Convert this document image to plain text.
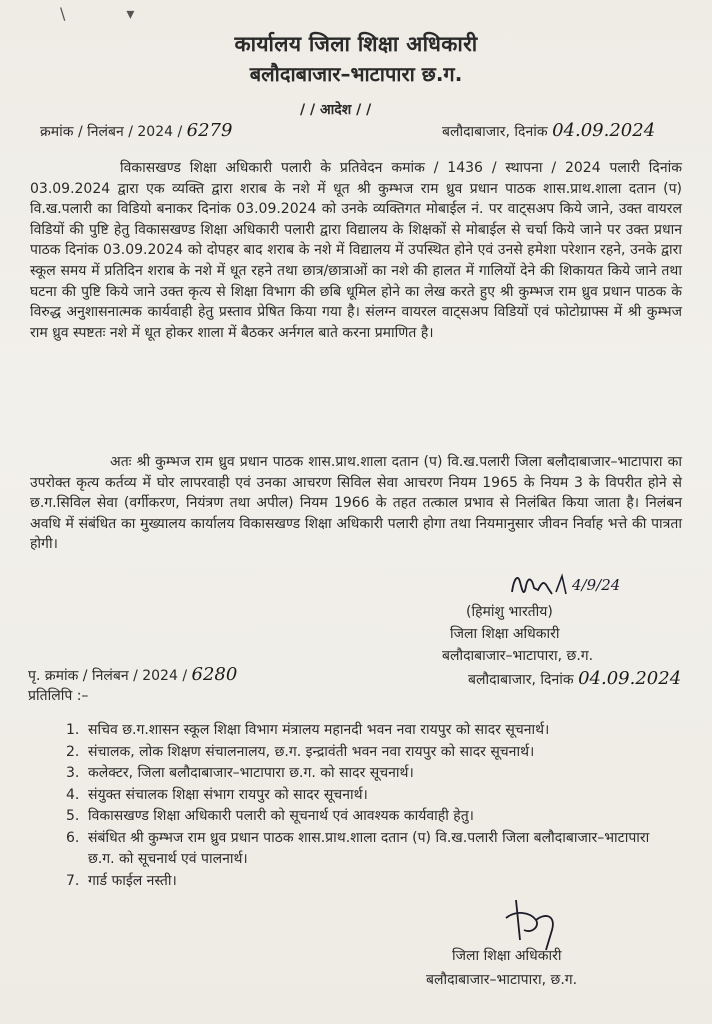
\            ▾
कार्यालय जिला शिक्षा अधिकारी
बलौदाबाजार–भाटापारा छ.ग.
/ / आदेश / /
क्रमांक / निलंबन / 2024 / 6279	बलौदाबाजार, दिनांक 04.09.2024

विकासखण्ड शिक्षा अधिकारी पलारी के प्रतिवेदन कमांक / 1436 / स्थापना / 2024 पलारी दिनांक 03.09.2024 द्वारा एक व्यक्ति द्वारा शराब के नशे में धूत श्री कुम्भज राम ध्रुव प्रधान पाठक शास.प्राथ.शाला दतान (प) वि.ख.पलारी का विडियो बनाकर दिनांक 03.09.2024 को उनके व्यक्तिगत मोबाईल नं. पर वाट्सअप किये जाने, उक्त वायरल विडियों की पुष्टि हेतु विकासखण्ड शिक्षा अधिकारी पलारी द्वारा विद्यालय के शिक्षकों से मोबाईल से चर्चा किये जाने पर उक्त प्रधान पाठक दिनांक 03.09.2024 को दोपहर बाद शराब के नशे में विद्यालय में उपस्थित होने एवं उनसे हमेशा परेशान रहने, उनके द्वारा स्कूल समय में प्रतिदिन शराब के नशे में धूत रहने तथा छात्र/छात्राओं का नशे की हालत में गालियों देने की शिकायत किये जाने तथा घटना की पुष्टि किये जाने उक्त कृत्य से शिक्षा विभाग की छबि धूमिल होने का लेख करते हुए श्री कुम्भज राम ध्रुव प्रधान पाठक के विरुद्ध अनुशासनात्मक कार्यवाही हेतु प्रस्ताव प्रेषित किया गया है। संलग्न वायरल वाट्सअप विडियों एवं फोटोग्राफ्स में श्री कुम्भज राम ध्रुव स्पष्टतः नशे में धूत होकर शाला में बैठकर अर्नगल बाते करना प्रमाणित है।

अतः श्री कुम्भज राम ध्रुव प्रधान पाठक शास.प्राथ.शाला दतान (प) वि.ख.पलारी जिला बलौदाबाजार–भाटापारा का उपरोक्त कृत्य कर्तव्य में घोर लापरवाही एवं उनका आचरण सिविल सेवा आचरण नियम 1965 के नियम 3 के विपरीत होने से छ.ग.सिविल सेवा (वर्गीकरण, नियंत्रण तथा अपील) नियम 1966 के तहत तत्काल प्रभाव से निलंबित किया जाता है। निलंबन अवधि में संबंधित का मुख्यालय कार्यालय विकासखण्ड शिक्षा अधिकारी पलारी होगा तथा नियमानुसार जीवन निर्वाह भत्ते की पात्रता होगी।

4/9/24
(हिमांशु भारतीय)
जिला शिक्षा अधिकारी
बलौदाबाजार–भाटापारा, छ.ग.
पृ. क्रमांक / निलंबन / 2024 / 6280	बलौदाबाजार, दिनांक 04.09.2024
प्रतिलिपि :–
1. सचिव छ.ग.शासन स्कूल शिक्षा विभाग मंत्रालय महानदी भवन नवा रायपुर को सादर सूचनार्थ।
2. संचालक, लोक शिक्षण संचालनालय, छ.ग. इन्द्रावंती भवन नवा रायपुर को सादर सूचनार्थ।
3. कलेक्टर, जिला बलौदाबाजार–भाटापारा छ.ग. को सादर सूचनार्थ।
4. संयुक्त संचालक शिक्षा संभाग रायपुर को सादर सूचनार्थ।
5. विकासखण्ड शिक्षा अधिकारी पलारी को सूचनार्थ एवं आवश्यक कार्यवाही हेतु।
6. संबंधित श्री कुम्भज राम ध्रुव प्रधान पाठक शास.प्राथ.शाला दतान (प) वि.ख.पलारी जिला बलौदाबाजार–भाटापारा छ.ग. को सूचनार्थ एवं पालनार्थ।
7. गार्ड फाईल नस्ती।
जिला शिक्षा अधिकारी
बलौदाबाजार–भाटापारा, छ.ग.
